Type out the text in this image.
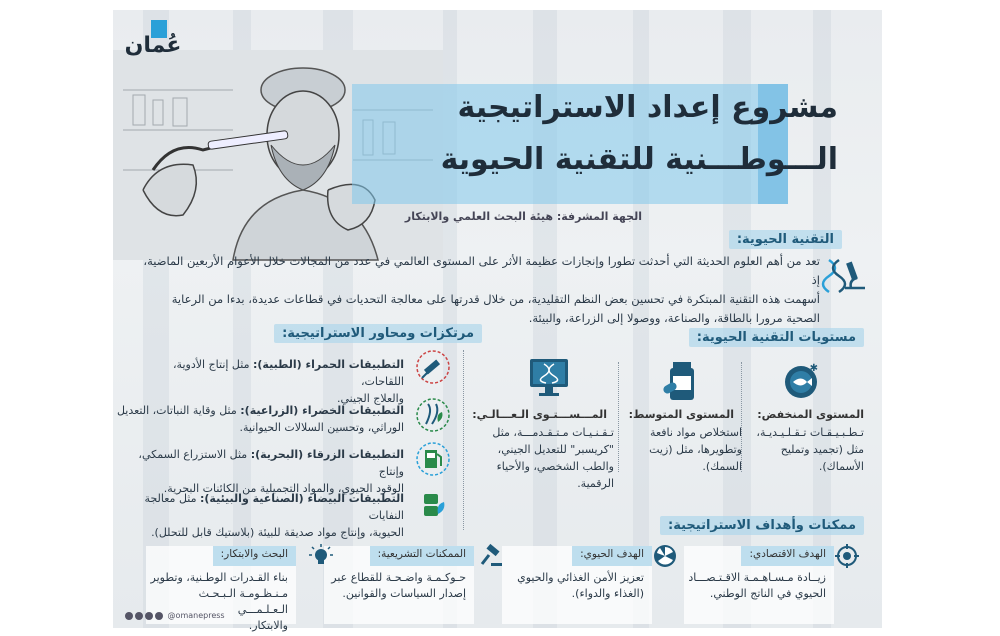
عُمان
مشروع إعداد الاستراتيجية
الـــوطـــنية للتقنية الحيوية
الجهة المشرفة: هيئة البحث العلمي والابتكار
التقنية الحيوية:
تعد من أهم العلوم الحديثة التي أحدثت تطورا وإنجازات عظيمة الأثر على المستوى العالمي في عدد من المجالات خلال الأعوام الأربعين الماضية، إذ
أسهمت هذه التقنية المبتكرة في تحسين بعض النظم التقليدية، من خلال قدرتها على معالجة التحديات في قطاعات عديدة، بدءا من الرعاية
الصحية مرورا بالطاقة، والصناعة، ووصولا إلى الزراعة، والبيئة.
مستويات التقنية الحيوية:
✱
المستوى المنخفض:
تـطـبـيـقـات تـقـلـيـديـة،
مثل (تجميد وتمليح
الأسماك).
المستوى المتوسط:
استخلاص مواد نافعة
وتطويرها، مثل (زيت
السمك).
المـــســـتـوى الـعـــالـي:
تـقـنـيـات مـتـقـدمـــة، مثل
"كريسبر" للتعديل الجيني،
والطب الشخصي، والأحياء
الرقمية.
مرتكزات ومحاور الاستراتيجية:
التطبيقات الحمراء (الطبية): مثل إنتاج الأدوية، اللقاحات،
والعلاج الجيني.
التطبيقات الخضراء (الزراعية): مثل وقاية النباتات، التعديل
الوراثي، وتحسين السلالات الحيوانية.
التطبيقات الزرقاء (البحرية): مثل الاستزراع السمكي، وإنتاج
الوقود الحيوي، والمواد التجميلية من الكائنات البحرية.
التطبيقات البيضاء (الصناعية والبيئية): مثل معالجة النفايات
الحيوية، وإنتاج مواد صديقة للبيئة (بلاستيك قابل للتحلل).	ممكنات وأهداف الاستراتيجية:
الهدف الاقتصادي:
زيــادة مـسـاهـمـة الاقـتـصـــاد
الحيوي في الناتج الوطني.
الهدف الحيوي:
تعزيز الأمن الغذائي والحيوي
(الغذاء والدواء).
الممكنات التشريعية:
حـوكـمـة واضـحـة للقطاع عبر
إصدار السياسات والقوانين.
البحث والابتكار:
بناء القـدرات الوطـنية، وتطوير
مـنـظـومـة الـبـحـث الـعـلـمـــي
والابتكار.
@omanepress
